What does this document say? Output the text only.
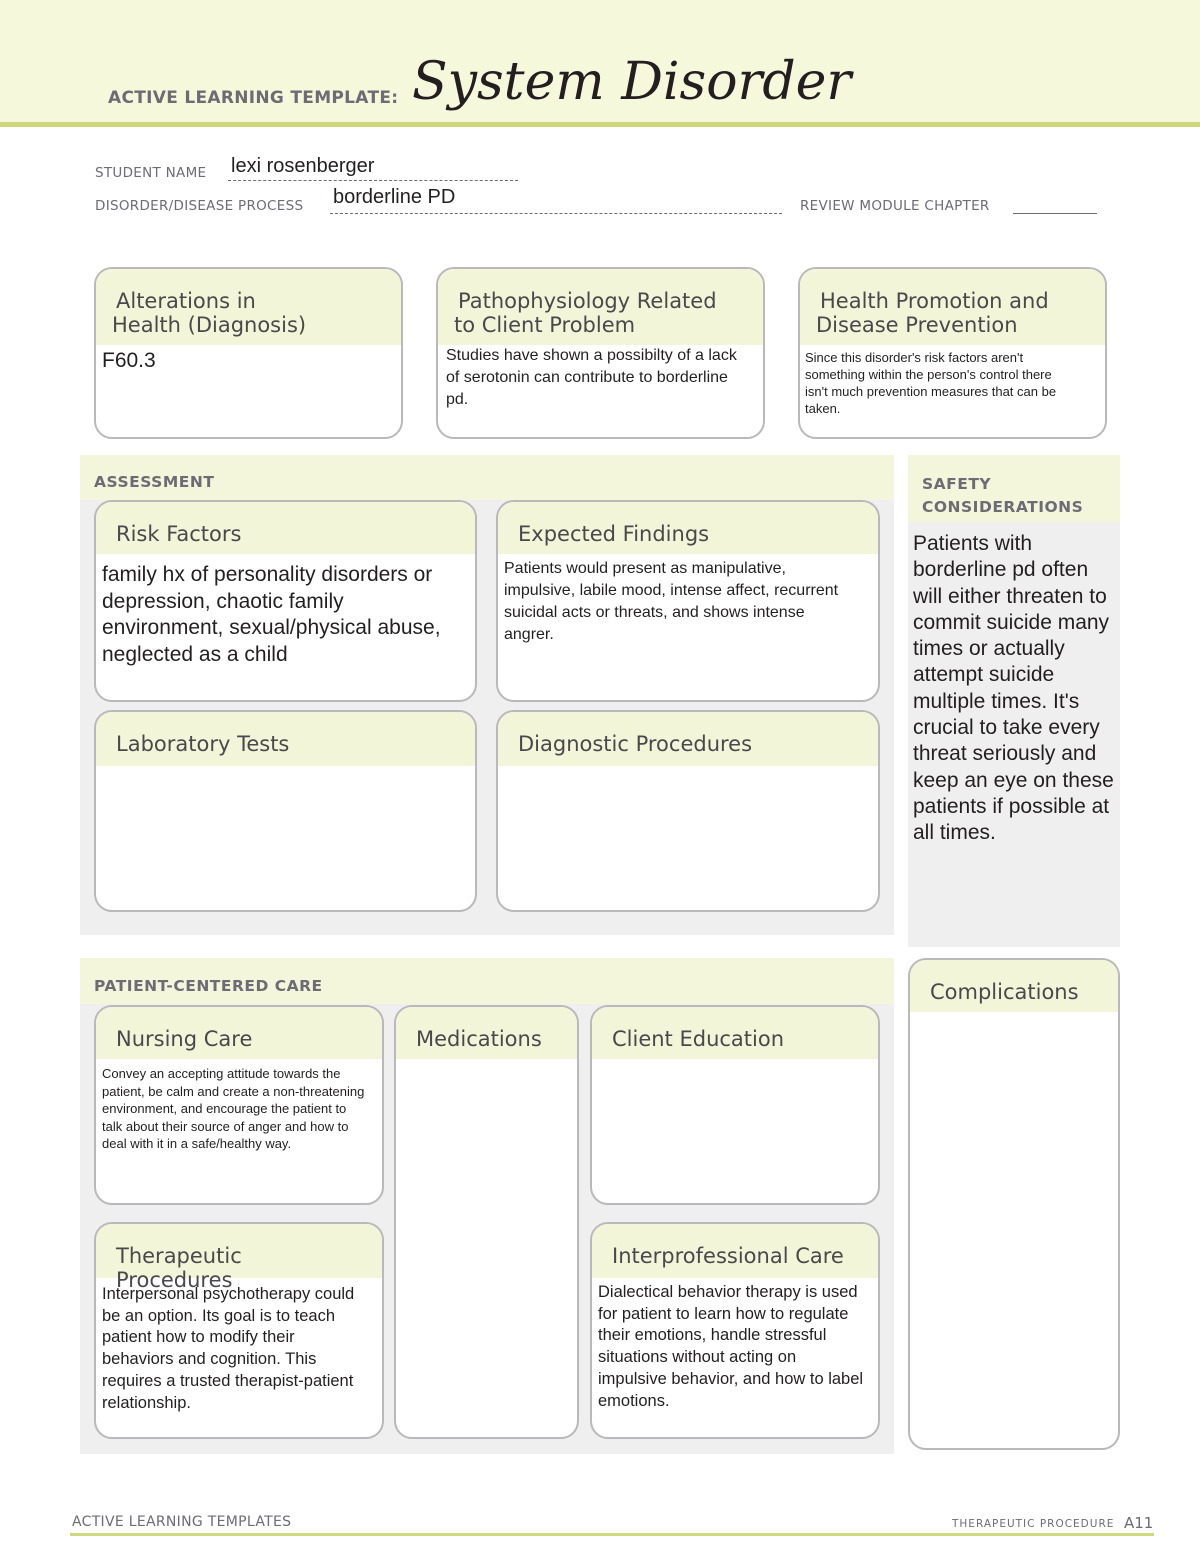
ACTIVE LEARNING TEMPLATE: System Disorder
STUDENT NAME lexi rosenberger
DISORDER/DISEASE PROCESS borderline PD	REVIEW MODULE CHAPTER
Alterations in
Health (Diagnosis)
F60.3
Pathophysiology Related
to Client Problem
Studies have shown a possibilty of a lack of serotonin can contribute to borderline pd.
Health Promotion and
Disease Prevention
Since this disorder's risk factors aren't something within the person's control there isn't much prevention measures that can be taken.
ASSESSMENT
Risk Factors
family hx of personality disorders or depression, chaotic family environment, sexual/physical abuse, neglected as a child
Expected Findings
Patients would present as manipulative, impulsive, labile mood, intense affect, recurrent suicidal acts or threats, and shows intense angrer.
Laboratory Tests	Diagnostic Procedures
SAFETY
CONSIDERATIONS
Patients with borderline pd often will either threaten to commit suicide many times or actually attempt suicide multiple times. It's crucial to take every threat seriously and keep an eye on these patients if possible at all times.
PATIENT-CENTERED CARE
Nursing Care
Convey an accepting attitude towards the patient, be calm and create a non-threatening environment, and encourage the patient to talk about their source of anger and how to deal with it in a safe/healthy way.
Medications	Client Education
Therapeutic Procedures
Interpersonal psychotherapy could be an option. Its goal is to teach patient how to modify their behaviors and cognition. This requires a trusted therapist-patient relationship.
Interprofessional Care
Dialectical behavior therapy is used for patient to learn how to regulate their emotions, handle stressful situations without acting on impulsive behavior, and how to label emotions.
Complications
ACTIVE LEARNING TEMPLATES	THERAPEUTIC PROCEDURE A11
